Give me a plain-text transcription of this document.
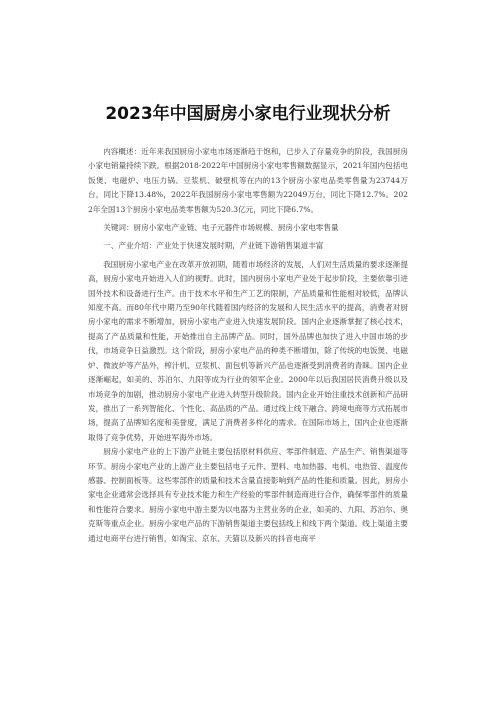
2023年中国厨房小家电行业现状分析

内容概述：近年来我国厨房小家电市场逐渐趋于饱和，已步入了存量竞争的阶段，我国厨房小家电销量持续下跌。根据2018-2022年中国厨房小家电零售额数据显示，2021年国内包括电饭煲、电磁炉、电压力锅、豆浆机、破壁机等在内的13个厨房小家电品类零售量为23744万台，同比下降13.48%，2022年我国厨房小家电零售额为22049万台，同比下降12.7%。2022年全国13个厨房小家电品类零售额为520.3亿元，同比下降6.7%。

关键词：厨房小家电产业链、电子元器件市场规模、厨房小家电零售量

一、产业介绍：产业处于快速发展时期，产业链下游销售渠道丰富

我国厨房小家电产业在改革开放初期，随着市场经济的发展，人们对生活质量的要求逐渐提高，厨房小家电开始进入人们的视野。此时，国内厨房小家电产业处于起步阶段，主要依靠引进国外技术和设备进行生产。由于技术水平和生产工艺的限制，产品质量和性能相对较低，品牌认知度不高。而80年代中期乃至90年代随着国内经济的发展和人民生活水平的提高，消费者对厨房小家电的需求不断增加，厨房小家电产业进入快速发展阶段。国内企业逐渐掌握了核心技术，提高了产品质量和性能，开始推出自主品牌产品。同时，国外品牌也加快了进入中国市场的步伐，市场竞争日益激烈。这个阶段，厨房小家电产品的种类不断增加，除了传统的电饭煲、电磁炉、微波炉等产品外，榨汁机、豆浆机、面包机等新兴产品也逐渐受到消费者的青睐。国内企业逐渐崛起，如美的、苏泊尔、九阳等成为行业的领军企业。2000年以后我国居民消费升级以及市场竞争的加剧，推动厨房小家电产业进入转型升级阶段。国内企业开始注重技术创新和产品研发，推出了一系列智能化、个性化、高品质的产品。通过线上线下融合、跨境电商等方式拓展市场，提高了品牌知名度和美誉度，满足了消费者多样化的需求。在国际市场上，国内企业也逐渐取得了竞争优势，开始进军海外市场。

厨房小家电产业的上下游产业链主要包括原材料供应、零部件制造、产品生产、销售渠道等环节。厨房小家电产业的上游产业主要包括电子元件、塑料、电加热器、电机、电热管、温度传感器、控制面板等。这些零部件的质量和技术含量直接影响到产品的性能和质量。因此，厨房小家电企业通常会选择具有专业技术能力和生产经验的零部件制造商进行合作，确保零部件的质量和性能符合要求。厨房小家电中游主要为以电器为主营业务的企业，如美的、九阳、苏泊尔、奥克斯等重点企业。厨房小家电产品的下游销售渠道主要包括线上和线下两个渠道。线上渠道主要通过电商平台进行销售，如淘宝、京东、天猫以及新兴的抖音电商平
